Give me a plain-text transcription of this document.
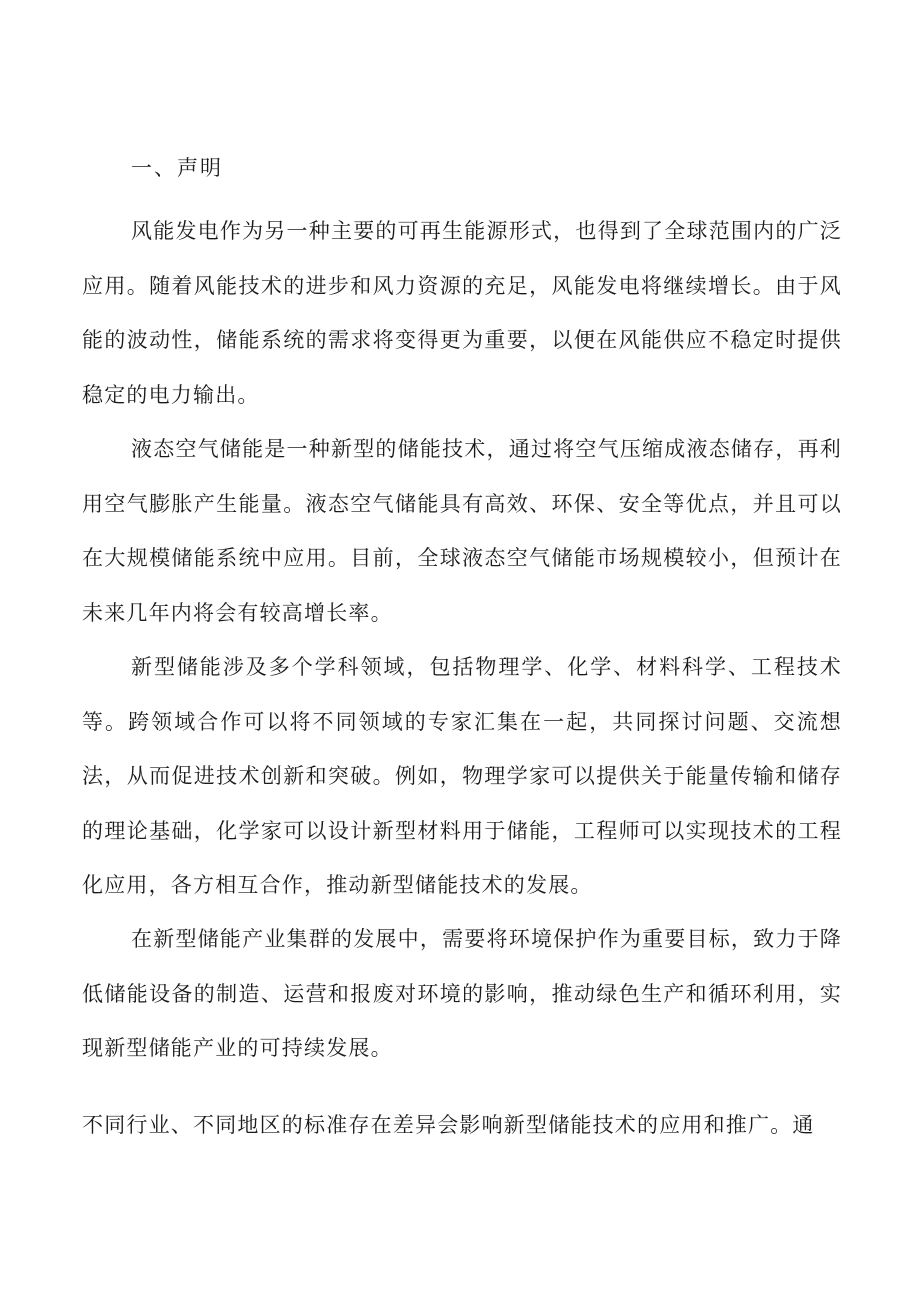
一、声明

风能发电作为另一种主要的可再生能源形式，也得到了全球范围内的广泛应用。随着风能技术的进步和风力资源的充足，风能发电将继续增长。由于风能的波动性，储能系统的需求将变得更为重要，以便在风能供应不稳定时提供稳定的电力输出。

液态空气储能是一种新型的储能技术，通过将空气压缩成液态储存，再利用空气膨胀产生能量。液态空气储能具有高效、环保、安全等优点，并且可以在大规模储能系统中应用。目前，全球液态空气储能市场规模较小，但预计在未来几年内将会有较高增长率。

新型储能涉及多个学科领域，包括物理学、化学、材料科学、工程技术等。跨领域合作可以将不同领域的专家汇集在一起，共同探讨问题、交流想法，从而促进技术创新和突破。例如，物理学家可以提供关于能量传输和储存的理论基础，化学家可以设计新型材料用于储能，工程师可以实现技术的工程化应用，各方相互合作，推动新型储能技术的发展。

在新型储能产业集群的发展中，需要将环境保护作为重要目标，致力于降低储能设备的制造、运营和报废对环境的影响，推动绿色生产和循环利用，实现新型储能产业的可持续发展。

不同行业、不同地区的标准存在差异会影响新型储能技术的应用和推广。通
